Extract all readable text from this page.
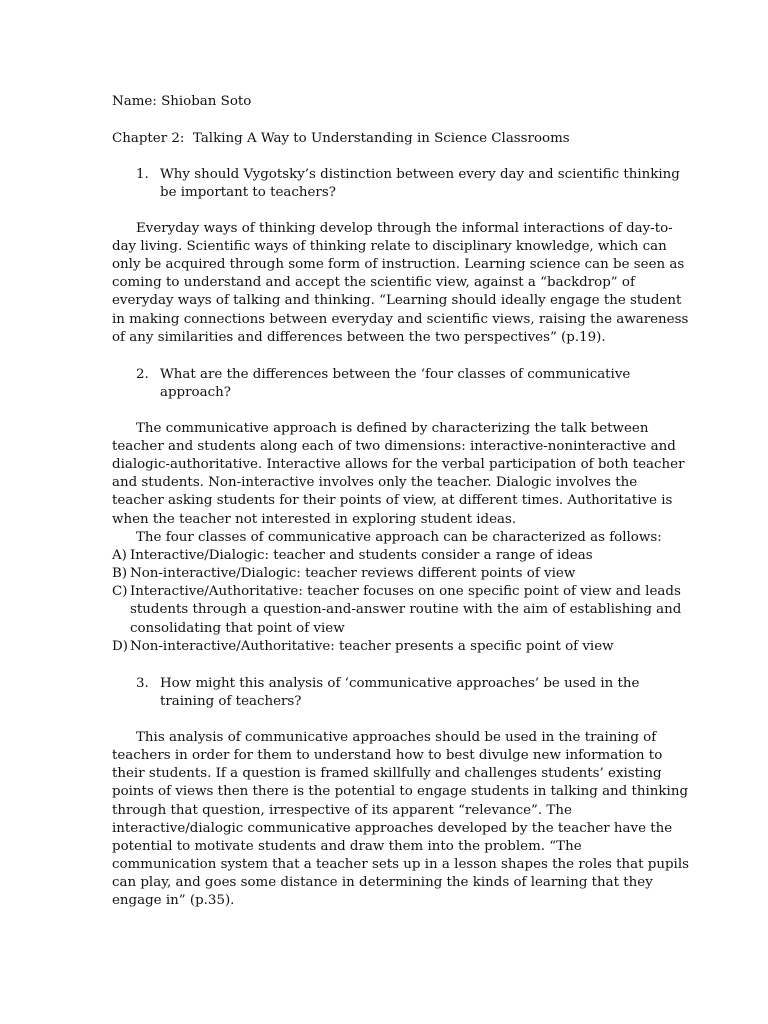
Name: Shioban Soto
Chapter 2:  Talking A Way to Understanding in Science Classrooms
1. Why should Vygotsky’s distinction between every day and scientific thinking
be important to teachers?
Everyday ways of thinking develop through the informal interactions of day-to-
day living. Scientific ways of thinking relate to disciplinary knowledge, which can
only be acquired through some form of instruction. Learning science can be seen as
coming to understand and accept the scientific view, against a “backdrop” of
everyday ways of talking and thinking. “Learning should ideally engage the student
in making connections between everyday and scientific views, raising the awareness
of any similarities and differences between the two perspectives” (p.19).
2. What are the differences between the ‘four classes of communicative
approach?
The communicative approach is defined by characterizing the talk between
teacher and students along each of two dimensions: interactive-noninteractive and
dialogic-authoritative. Interactive allows for the verbal participation of both teacher
and students. Non-interactive involves only the teacher. Dialogic involves the
teacher asking students for their points of view, at different times. Authoritative is
when the teacher not interested in exploring student ideas.
The four classes of communicative approach can be characterized as follows:
A) Interactive/Dialogic: teacher and students consider a range of ideas
B) Non-interactive/Dialogic: teacher reviews different points of view
C) Interactive/Authoritative: teacher focuses on one specific point of view and leads
students through a question-and-answer routine with the aim of establishing and
consolidating that point of view
D) Non-interactive/Authoritative: teacher presents a specific point of view
3. How might this analysis of ‘communicative approaches’ be used in the
training of teachers?
This analysis of communicative approaches should be used in the training of
teachers in order for them to understand how to best divulge new information to
their students. If a question is framed skillfully and challenges students’ existing
points of views then there is the potential to engage students in talking and thinking
through that question, irrespective of its apparent “relevance”. The
interactive/dialogic communicative approaches developed by the teacher have the
potential to motivate students and draw them into the problem. “The
communication system that a teacher sets up in a lesson shapes the roles that pupils
can play, and goes some distance in determining the kinds of learning that they
engage in” (p.35).
